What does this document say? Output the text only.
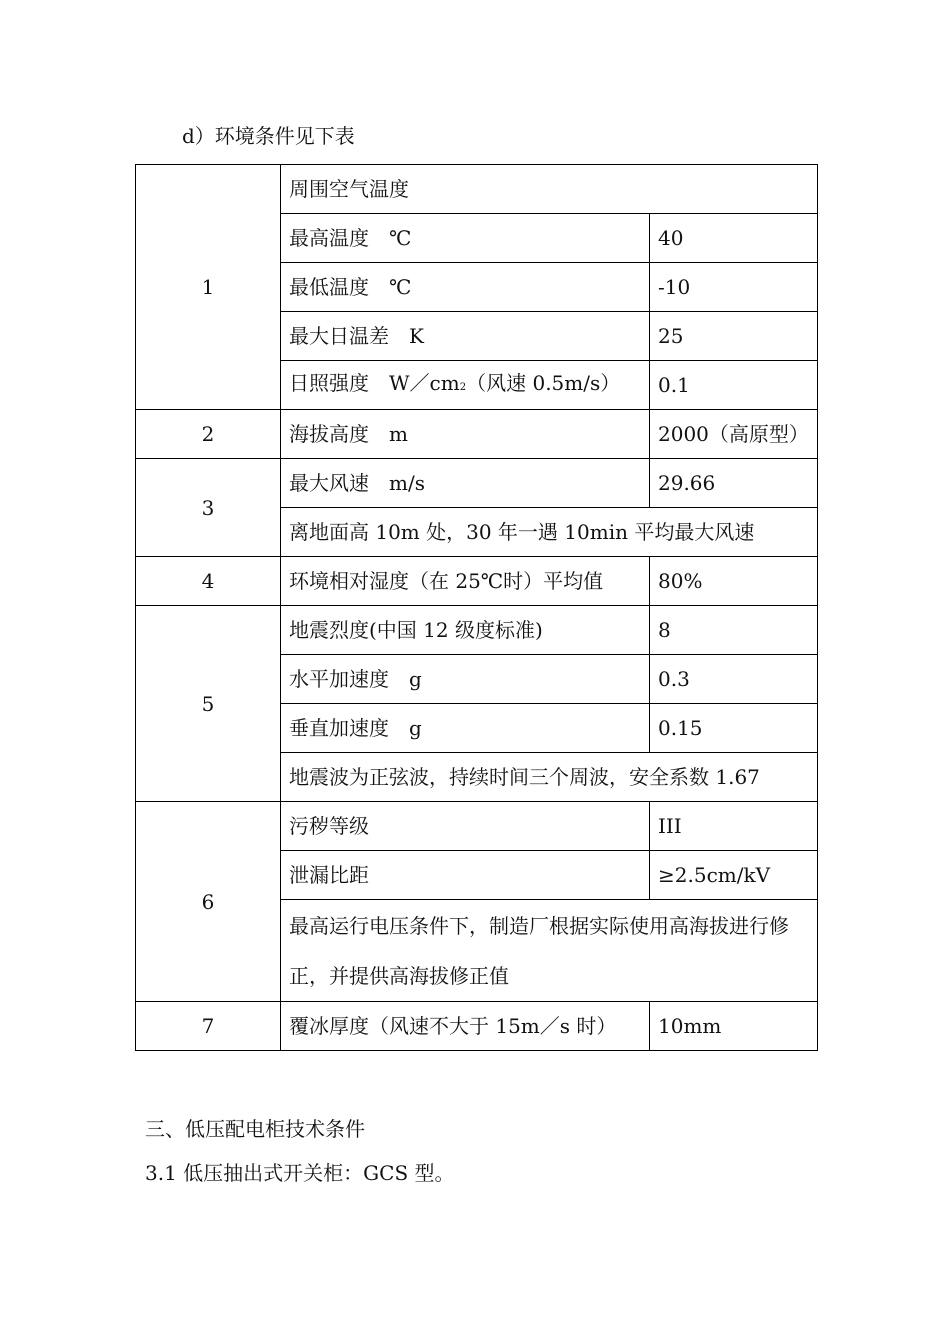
d）环境条件见下表

1	周围空气温度	
	最高温度　℃	40
	最低温度　℃	-10
	最大日温差　K	25
	日照强度　W／cm2（风速 0.5m/s）	0.1
2	海拔高度　m	2000（高原型）
3	最大风速　m/s	29.66
	离地面高 10m 处，30 年一遇 10min 平均最大风速	
4	环境相对湿度（在 25℃时）平均值	80%
5	地震烈度(中国 12 级度标准)	8
	水平加速度　g	0.3
	垂直加速度　g	0.15
	地震波为正弦波，持续时间三个周波，安全系数 1.67	
6	污秽等级	III
	泄漏比距	≥2.5cm/kV
	最高运行电压条件下，制造厂根据实际使用高海拔进行修正，并提供高海拔修正值	
7	覆冰厚度（风速不大于 15m／s 时）	10mm

三、低压配电柜技术条件

3.1 低压抽出式开关柜：GCS 型。
